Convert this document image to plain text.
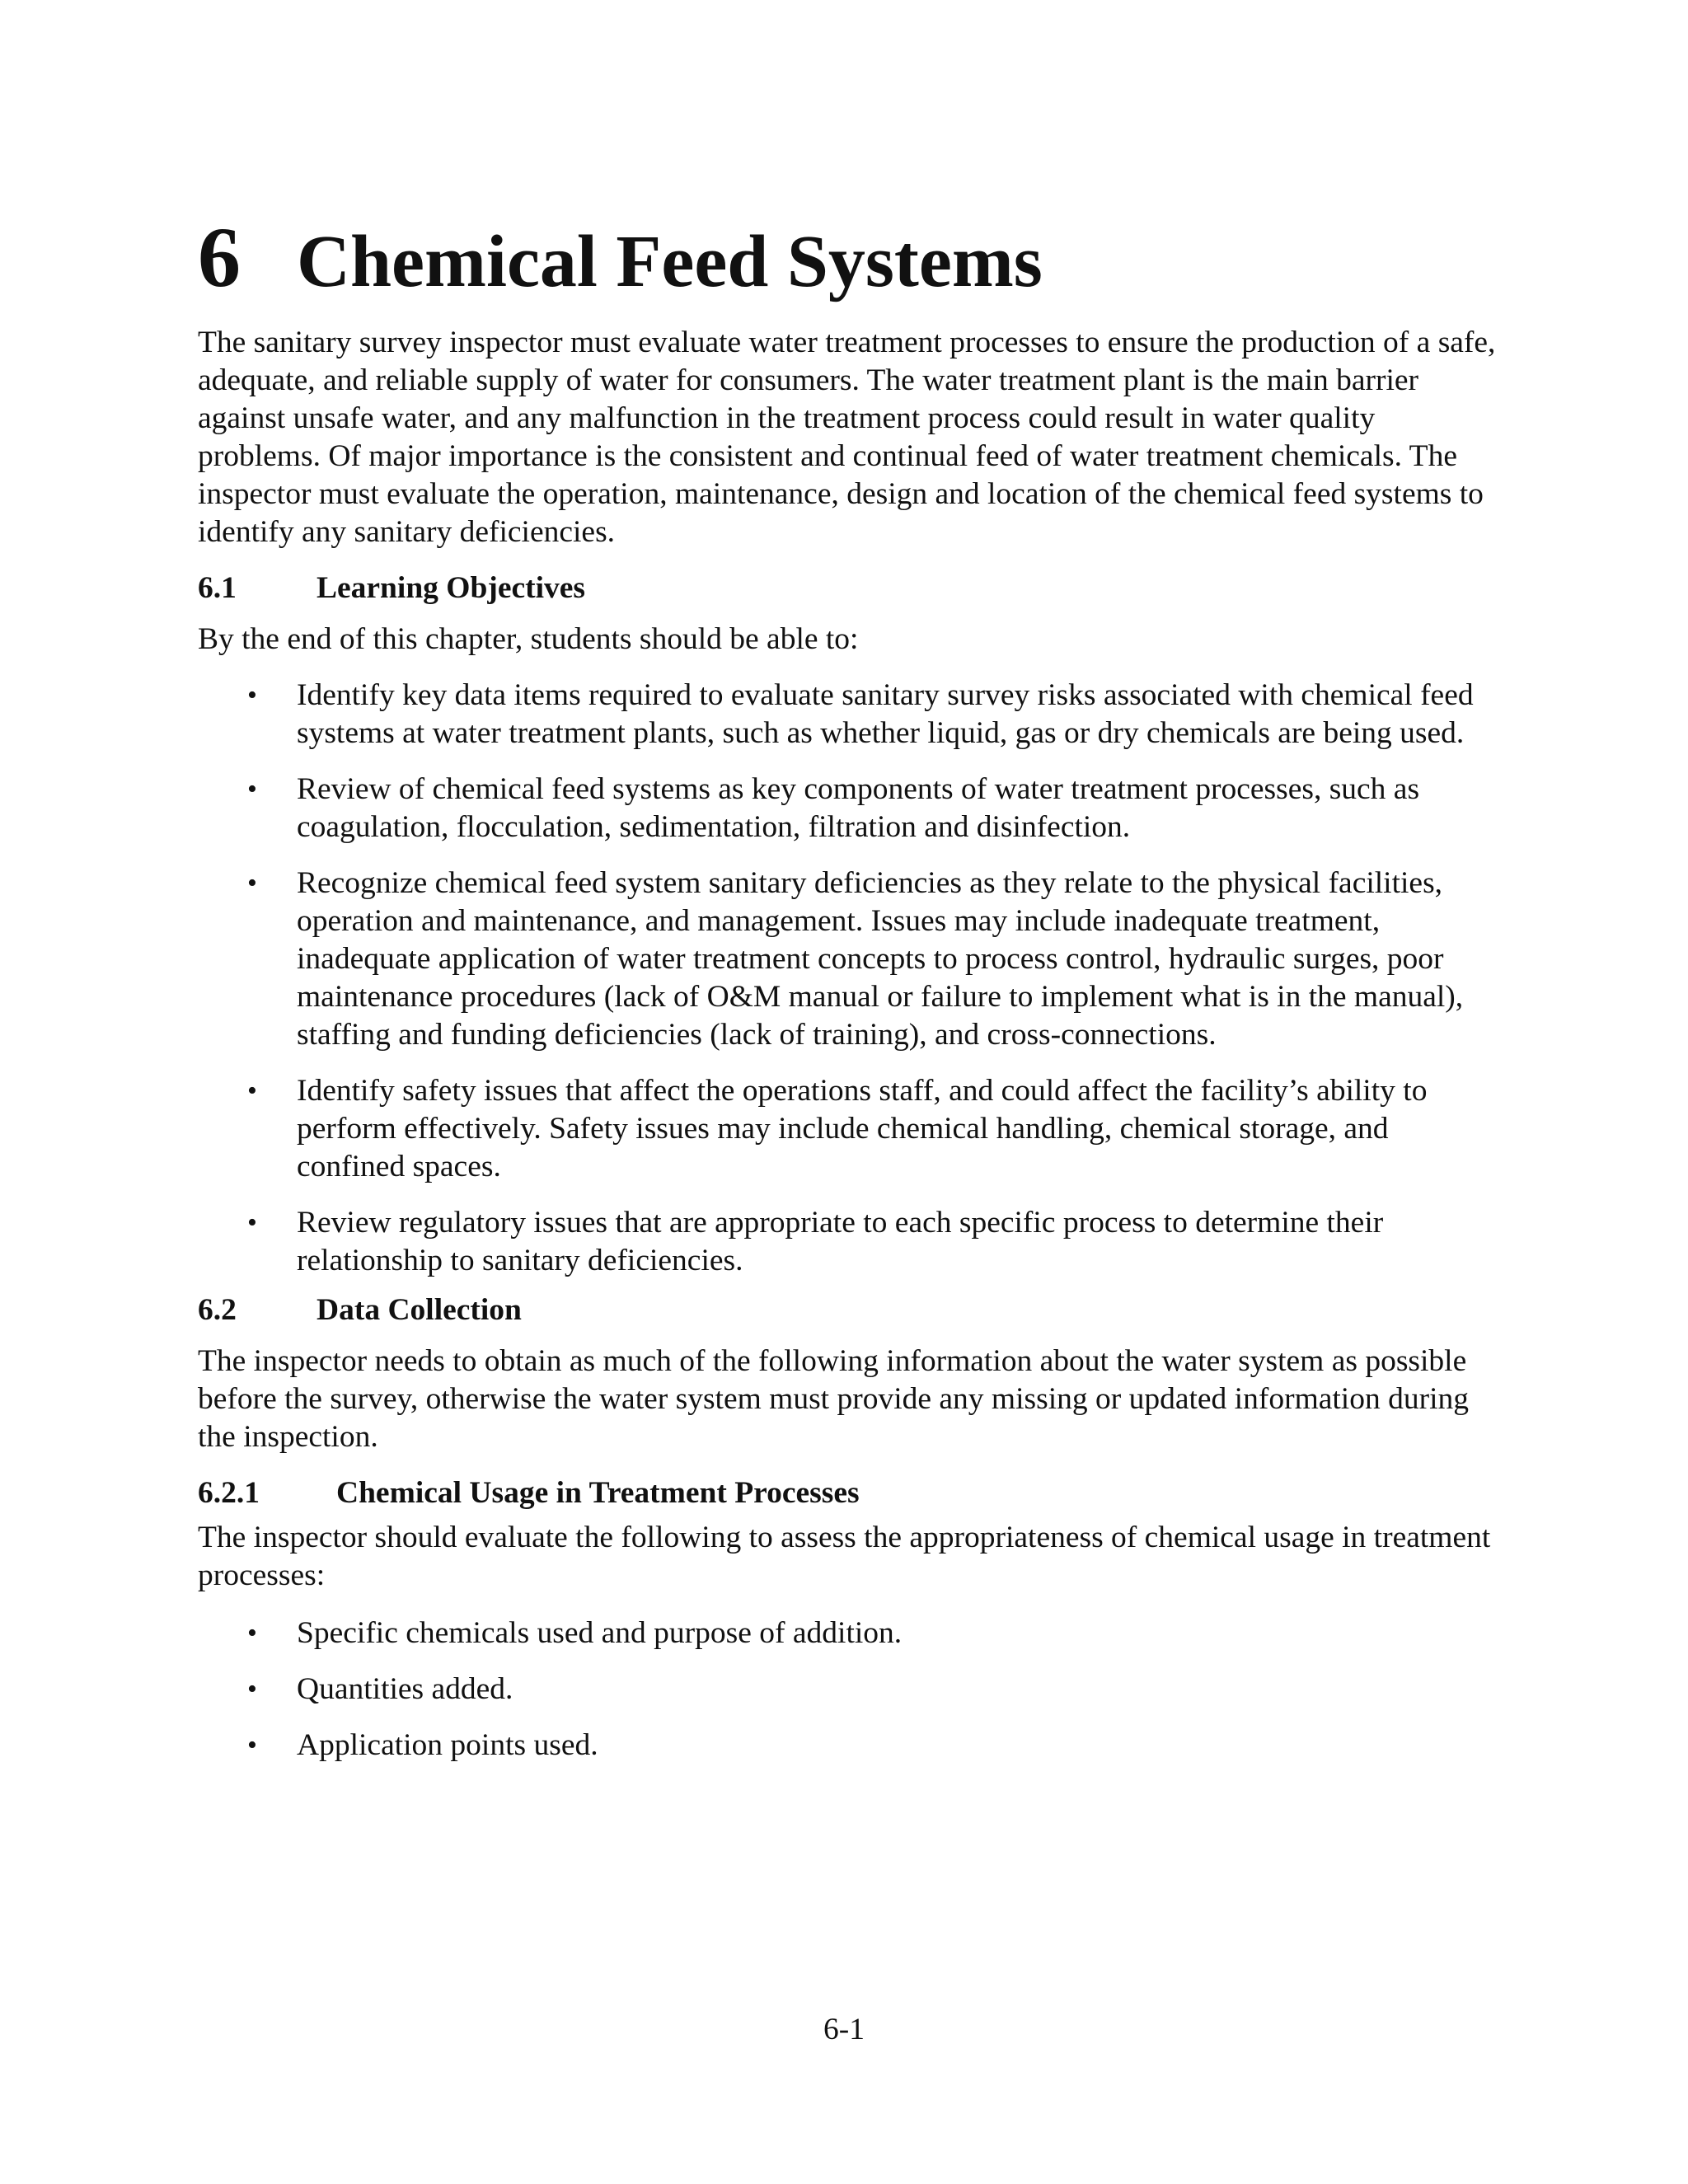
6 Chemical Feed Systems

The sanitary survey inspector must evaluate water treatment processes to ensure the production of a safe, adequate, and reliable supply of water for consumers. The water treatment plant is the main barrier against unsafe water, and any malfunction in the treatment process could result in water quality problems. Of major importance is the consistent and continual feed of water treatment chemicals. The inspector must evaluate the operation, maintenance, design and location of the chemical feed systems to identify any sanitary deficiencies.

6.1	Learning Objectives

By the end of this chapter, students should be able to:

• Identify key data items required to evaluate sanitary survey risks associated with chemical feed systems at water treatment plants, such as whether liquid, gas or dry chemicals are being used.
• Review of chemical feed systems as key components of water treatment processes, such as coagulation, flocculation, sedimentation, filtration and disinfection.
• Recognize chemical feed system sanitary deficiencies as they relate to the physical facilities, operation and maintenance, and management. Issues may include inadequate treatment, inadequate application of water treatment concepts to process control, hydraulic surges, poor maintenance procedures (lack of O&M manual or failure to implement what is in the manual), staffing and funding deficiencies (lack of training), and cross-connections.
• Identify safety issues that affect the operations staff, and could affect the facility’s ability to perform effectively. Safety issues may include chemical handling, chemical storage, and confined spaces.
• Review regulatory issues that are appropriate to each specific process to determine their relationship to sanitary deficiencies.
6.2	Data Collection

The inspector needs to obtain as much of the following information about the water system as possible before the survey, otherwise the water system must provide any missing or updated information during the inspection.

6.2.1	Chemical Usage in Treatment Processes

The inspector should evaluate the following to assess the appropriateness of chemical usage in treatment processes:

• Specific chemicals used and purpose of addition.
• Quantities added.
• Application points used.
6-1
